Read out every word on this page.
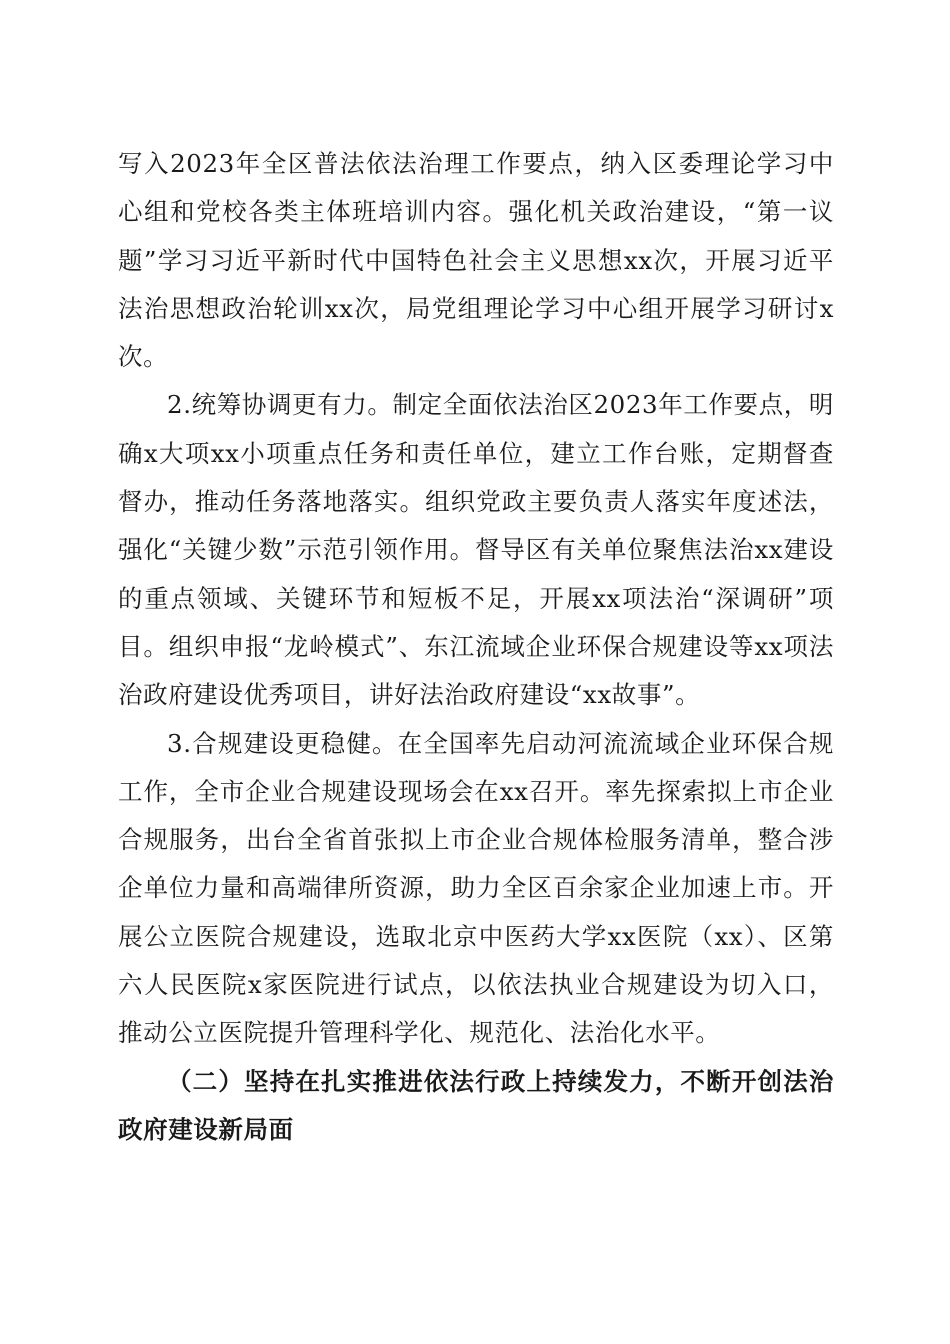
写入2023年全区普法依法治理工作要点，纳入区委理论学习中心组和党校各类主体班培训内容。强化机关政治建设，“第一议题”学习习近平新时代中国特色社会主义思想xx次，开展习近平法治思想政治轮训xx次，局党组理论学习中心组开展学习研讨x次。

2.统筹协调更有力。制定全面依法治区2023年工作要点，明确x大项xx小项重点任务和责任单位，建立工作台账，定期督查督办，推动任务落地落实。组织党政主要负责人落实年度述法，强化“关键少数”示范引领作用。督导区有关单位聚焦法治xx建设的重点领域、关键环节和短板不足，开展xx项法治“深调研”项目。组织申报“龙岭模式”、东江流域企业环保合规建设等xx项法治政府建设优秀项目，讲好法治政府建设“xx故事”。

3.合规建设更稳健。在全国率先启动河流流域企业环保合规工作，全市企业合规建设现场会在xx召开。率先探索拟上市企业合规服务，出台全省首张拟上市企业合规体检服务清单，整合涉企单位力量和高端律所资源，助力全区百余家企业加速上市。开展公立医院合规建设，选取北京中医药大学xx医院（xx）、区第六人民医院x家医院进行试点，以依法执业合规建设为切入口，推动公立医院提升管理科学化、规范化、法治化水平。

（二）坚持在扎实推进依法行政上持续发力，不断开创法治政府建设新局面
